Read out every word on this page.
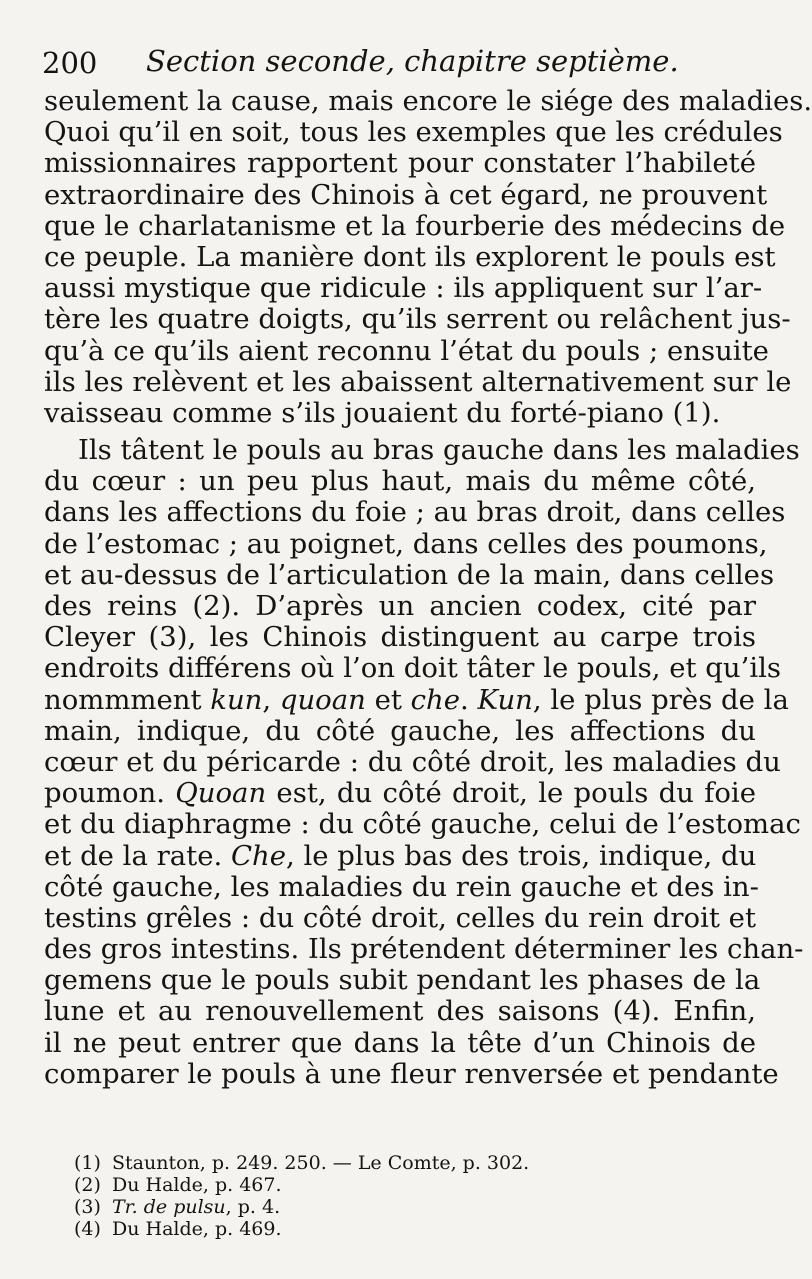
200 Section seconde, chapitre septième.
seulement la cause, mais encore le siége des maladies.
Quoi qu’il en soit, tous les exemples que les crédules
missionnaires rapportent pour constater l’habileté
extraordinaire des Chinois à cet égard, ne prouvent
que le charlatanisme et la fourberie des médecins de
ce peuple. La manière dont ils explorent le pouls est
aussi mystique que ridicule : ils appliquent sur l’ar-
tère les quatre doigts, qu’ils serrent ou relâchent jus-
qu’à ce qu’ils aient reconnu l’état du pouls ; ensuite
ils les relèvent et les abaissent alternativement sur le
vaisseau comme s’ils jouaient du forté-piano (1).
Ils tâtent le pouls au bras gauche dans les maladies
du cœur : un peu plus haut, mais du même côté,
dans les affections du foie ; au bras droit, dans celles
de l’estomac ; au poignet, dans celles des poumons,
et au-dessus de l’articulation de la main, dans celles
des reins (2). D’après un ancien codex, cité par
Cleyer (3), les Chinois distinguent au carpe trois
endroits différens où l’on doit tâter le pouls, et qu’ils
nommment kun, quoan et che. Kun, le plus près de la
main, indique, du côté gauche, les affections du
cœur et du péricarde : du côté droit, les maladies du
poumon. Quoan est, du côté droit, le pouls du foie
et du diaphragme : du côté gauche, celui de l’estomac
et de la rate. Che, le plus bas des trois, indique, du
côté gauche, les maladies du rein gauche et des in-
testins grêles : du côté droit, celles du rein droit et
des gros intestins. Ils prétendent déterminer les chan-
gemens que le pouls subit pendant les phases de la
lune et au renouvellement des saisons (4). Enfin,
il ne peut entrer que dans la tête d’un Chinois de
comparer le pouls à une fleur renversée et pendante
(1) Staunton, p. 249. 250. — Le Comte, p. 302.
(2) Du Halde, p. 467.
(3) Tr. de pulsu, p. 4.
(4) Du Halde, p. 469.
